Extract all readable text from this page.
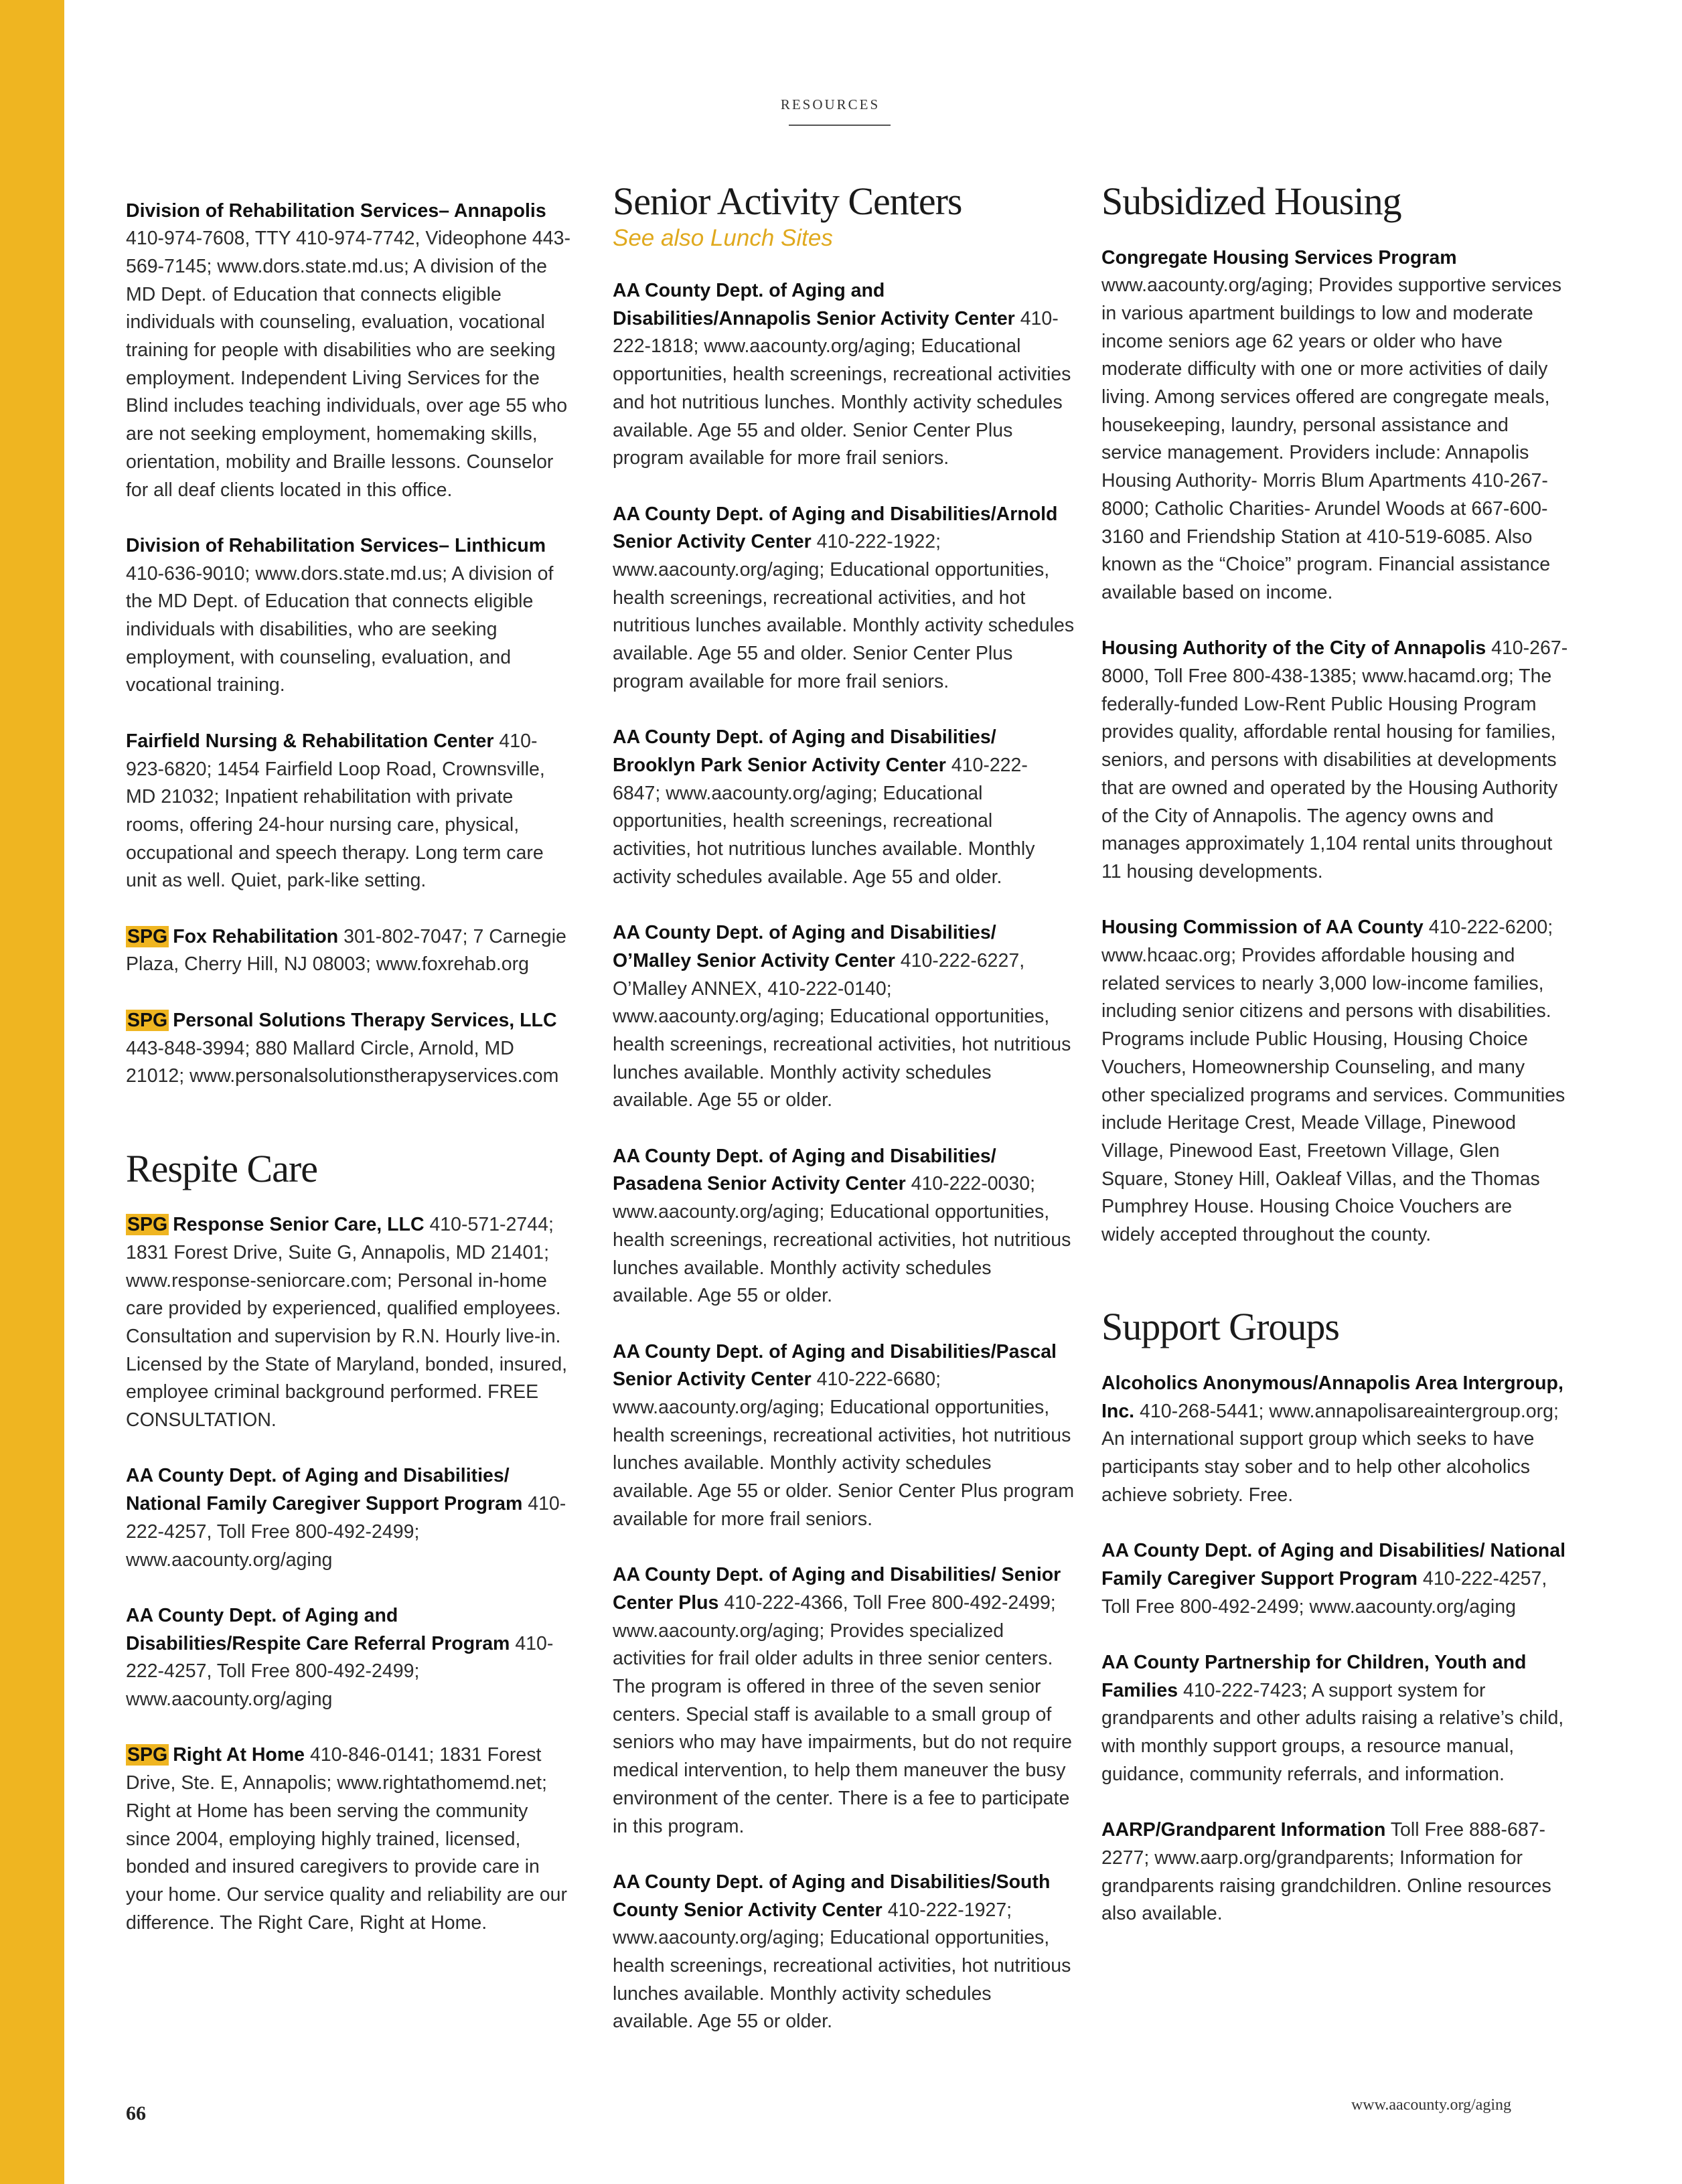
RESOURCES

Division of Rehabilitation Services– Annapolis
410-974-7608, TTY 410-974-7742, Videophone 443-569-7145; www.dors.state.md.us; A division of the MD Dept. of Education that connects eligible individuals with counseling, evaluation, vocational training for people with disabilities who are seeking employment. Independent Living Services for the Blind includes teaching individuals, over age 55 who are not seeking employment, homemaking skills, orientation, mobility and Braille lessons. Counselor for all deaf clients located in this office.

Division of Rehabilitation Services– Linthicum
410-636-9010; www.dors.state.md.us; A division of the MD Dept. of Education that connects eligible individuals with disabilities, who are seeking employment, with counseling, evaluation, and vocational training.

Fairfield Nursing & Rehabilitation Center 410-923-6820; 1454 Fairfield Loop Road, Crownsville, MD 21032; Inpatient rehabilitation with private rooms, offering 24-hour nursing care, physical, occupational and speech therapy. Long term care unit as well. Quiet, park-like setting.

SPG Fox Rehabilitation 301-802-7047; 7 Carnegie Plaza, Cherry Hill, NJ 08003; www.foxrehab.org

SPG Personal Solutions Therapy Services, LLC
443-848-3994; 880 Mallard Circle, Arnold, MD 21012; www.personalsolutionstherapyservices.com

Respite Care

SPG Response Senior Care, LLC 410-571-2744; 1831 Forest Drive, Suite G, Annapolis, MD 21401; www.response-seniorcare.com; Personal in-home care provided by experienced, qualified employees. Consultation and supervision by R.N. Hourly live-in. Licensed by the State of Maryland, bonded, insured, employee criminal background performed. FREE CONSULTATION.

AA County Dept. of Aging and Disabilities/ National Family Caregiver Support Program 410-222-4257, Toll Free 800-492-2499; www.aacounty.org/aging

AA County Dept. of Aging and Disabilities/Respite Care Referral Program 410-222-4257, Toll Free 800-492-2499; www.aacounty.org/aging

SPG Right At Home 410-846-0141; 1831 Forest Drive, Ste. E, Annapolis; www.rightathomemd.net; Right at Home has been serving the community since 2004, employing highly trained, licensed, bonded and insured caregivers to provide care in your home. Our service quality and reliability are our difference. The Right Care, Right at Home.

Senior Activity Centers
See also Lunch Sites

AA County Dept. of Aging and Disabilities/Annapolis Senior Activity Center 410-222-1818; www.aacounty.org/aging; Educational opportunities, health screenings, recreational activities and hot nutritious lunches. Monthly activity schedules available. Age 55 and older. Senior Center Plus program available for more frail seniors.

AA County Dept. of Aging and Disabilities/Arnold Senior Activity Center 410-222-1922; www.aacounty.org/aging; Educational opportunities, health screenings, recreational activities, and hot nutritious lunches available. Monthly activity schedules available. Age 55 and older. Senior Center Plus program available for more frail seniors.

AA County Dept. of Aging and Disabilities/ Brooklyn Park Senior Activity Center 410-222-6847; www.aacounty.org/aging; Educational opportunities, health screenings, recreational activities, hot nutritious lunches available. Monthly activity schedules available. Age 55 and older.

AA County Dept. of Aging and Disabilities/ O’Malley Senior Activity Center 410-222-6227, O’Malley ANNEX, 410-222-0140; www.aacounty.org/aging; Educational opportunities, health screenings, recreational activities, hot nutritious lunches available. Monthly activity schedules available. Age 55 or older.

AA County Dept. of Aging and Disabilities/ Pasadena Senior Activity Center 410-222-0030; www.aacounty.org/aging; Educational opportunities, health screenings, recreational activities, hot nutritious lunches available. Monthly activity schedules available. Age 55 or older.

AA County Dept. of Aging and Disabilities/Pascal Senior Activity Center 410-222-6680; www.aacounty.org/aging; Educational opportunities, health screenings, recreational activities, hot nutritious lunches available. Monthly activity schedules available. Age 55 or older. Senior Center Plus program available for more frail seniors.

AA County Dept. of Aging and Disabilities/ Senior Center Plus 410-222-4366, Toll Free 800-492-2499; www.aacounty.org/aging; Provides specialized activities for frail older adults in three senior centers. The program is offered in three of the seven senior centers. Special staff is available to a small group of seniors who may have impairments, but do not require medical intervention, to help them maneuver the busy environment of the center. There is a fee to participate in this program.

AA County Dept. of Aging and Disabilities/South County Senior Activity Center 410-222-1927; www.aacounty.org/aging; Educational opportunities, health screenings, recreational activities, hot nutritious lunches available. Monthly activity schedules available. Age 55 or older.

Subsidized Housing

Congregate Housing Services Program www.aacounty.org/aging; Provides supportive services in various apartment buildings to low and moderate income seniors age 62 years or older who have moderate difficulty with one or more activities of daily living. Among services offered are congregate meals, housekeeping, laundry, personal assistance and service management. Providers include: Annapolis Housing Authority- Morris Blum Apartments 410-267-8000; Catholic Charities- Arundel Woods at 667-600-3160 and Friendship Station at 410-519-6085. Also known as the “Choice” program. Financial assistance available based on income.

Housing Authority of the City of Annapolis 410-267-8000, Toll Free 800-438-1385; www.hacamd.org; The federally-funded Low-Rent Public Housing Program provides quality, affordable rental housing for families, seniors, and persons with disabilities at developments that are owned and operated by the Housing Authority of the City of Annapolis. The agency owns and manages approximately 1,104 rental units throughout 11 housing developments.

Housing Commission of AA County 410-222-6200; www.hcaac.org; Provides affordable housing and related services to nearly 3,000 low-income families, including senior citizens and persons with disabilities. Programs include Public Housing, Housing Choice Vouchers, Homeownership Counseling, and many other specialized programs and services. Communities include Heritage Crest, Meade Village, Pinewood Village, Pinewood East, Freetown Village, Glen Square, Stoney Hill, Oakleaf Villas, and the Thomas Pumphrey House. Housing Choice Vouchers are widely accepted throughout the county.

Support Groups

Alcoholics Anonymous/Annapolis Area Intergroup, Inc. 410-268-5441; www.annapolisareaintergroup.org; An international support group which seeks to have participants stay sober and to help other alcoholics achieve sobriety. Free.

AA County Dept. of Aging and Disabilities/ National Family Caregiver Support Program 410-222-4257, Toll Free 800-492-2499; www.aacounty.org/aging

AA County Partnership for Children, Youth and Families 410-222-7423; A support system for grandparents and other adults raising a relative’s child, with monthly support groups, a resource manual, guidance, community referrals, and information.

AARP/Grandparent Information Toll Free 888-687-2277; www.aarp.org/grandparents; Information for grandparents raising grandchildren. Online resources also available.

66	www.aacounty.org/aging
